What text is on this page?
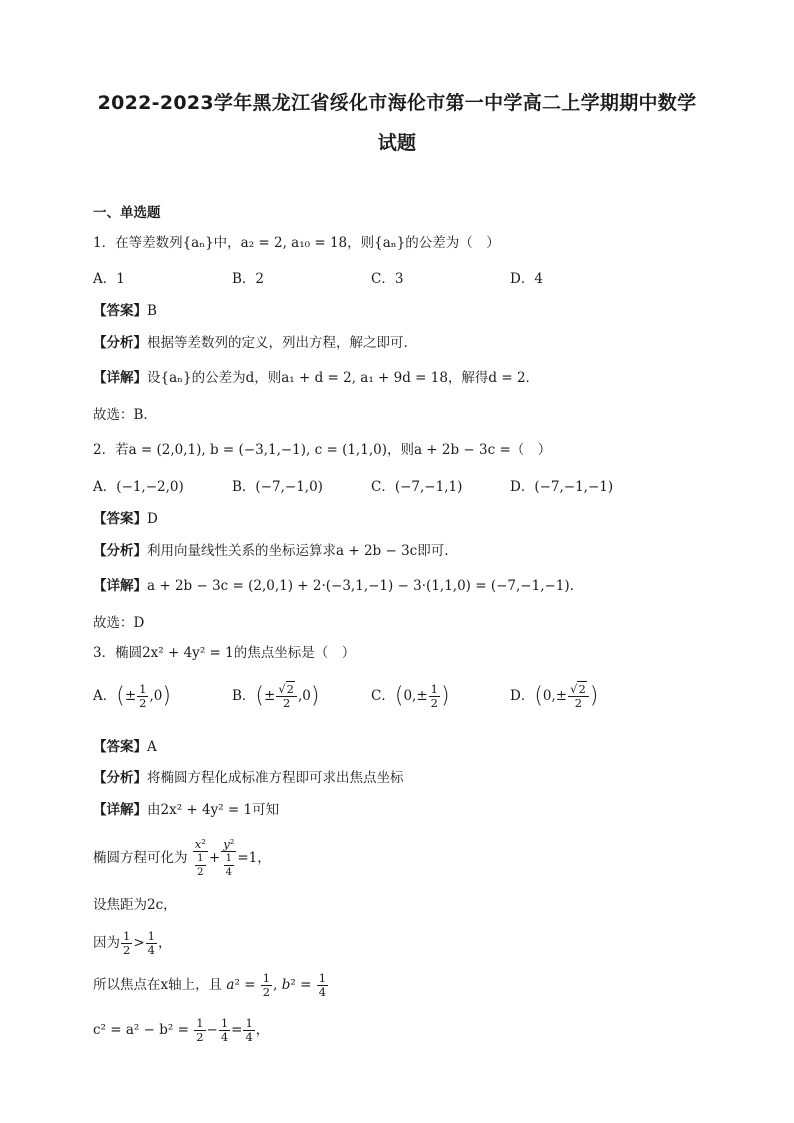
2022-2023学年黑龙江省绥化市海伦市第一中学高二上学期期中数学
试题
一、单选题
1．在等差数列{aₙ}中，a₂ = 2, a₁₀ = 18，则{aₙ}的公差为（　）
A．1	B．2	C．3	D．4
【答案】B
【分析】根据等差数列的定义，列出方程，解之即可.
【详解】设{aₙ}的公差为d，则a₁ + d = 2, a₁ + 9d = 18，解得d = 2．
故选：B．
2．若a = (2,0,1), b = (−3,1,−1), c = (1,1,0)，则a + 2b − 3c =（　）
A．(−1,−2,0)	B．(−7,−1,0)	C．(−7,−1,1)	D．(−7,−1,−1)
【答案】D
【分析】利用向量线性关系的坐标运算求a + 2b − 3c即可.
【详解】a + 2b − 3c = (2,0,1) + 2·(−3,1,−1) − 3·(1,1,0) = (−7,−1,−1).
故选：D
3．椭圆2x² + 4y² = 1的焦点坐标是（　）
A．(± $\frac{1}{2} ,0$)	B．(± $\frac{√2}{2} ,0$)	C．($0,\pm \frac{1}{2}$ )	D．($0,\pm \frac{√2}{2}$ )
【答案】A
【分析】将椭圆方程化成标准方程即可求出焦点坐标
【详解】由2x² + 4y² = 1可知
椭圆方程可化为 $\frac{\text{x²}}{\frac{1}{2}} + \frac{\text{y²}}{\frac{1}{4}} =1$，
设焦距为2c，
因为 $\frac{1}{2} > \frac{1}{4}$ ，
所以焦点在x轴上，且 $a^2 = \frac{1}{2}$ , $b^2 = \frac{1}{4}$
$c^2 = a^2 - b^2 = \frac{1}{2} - \frac{1}{4} = \frac{1}{4}$ ，
